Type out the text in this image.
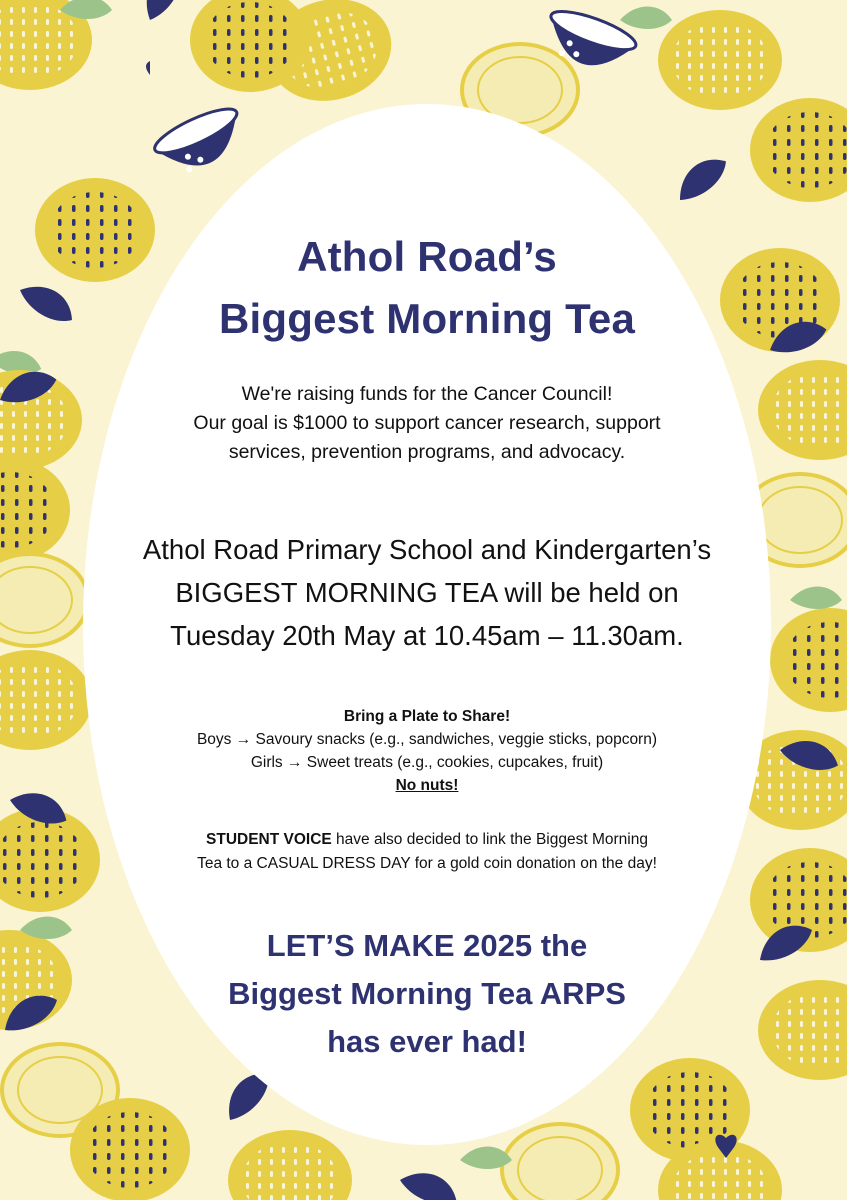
Athol Road’s
Biggest Morning Tea

We're raising funds for the Cancer Council!
Our goal is $1000 to support cancer research, support
services, prevention programs, and advocacy.

Athol Road Primary School and Kindergarten’s
BIGGEST MORNING TEA will be held on
Tuesday 20th May at 10.45am – 11.30am.

Bring a Plate to Share!
Boys → Savoury snacks (e.g., sandwiches, veggie sticks, popcorn)
Girls → Sweet treats (e.g., cookies, cupcakes, fruit)
No nuts!

STUDENT VOICE have also decided to link the Biggest Morning
Tea to a CASUAL DRESS DAY for a gold coin donation on the day!

LET’S MAKE 2025 the
Biggest Morning Tea ARPS
has ever had!
